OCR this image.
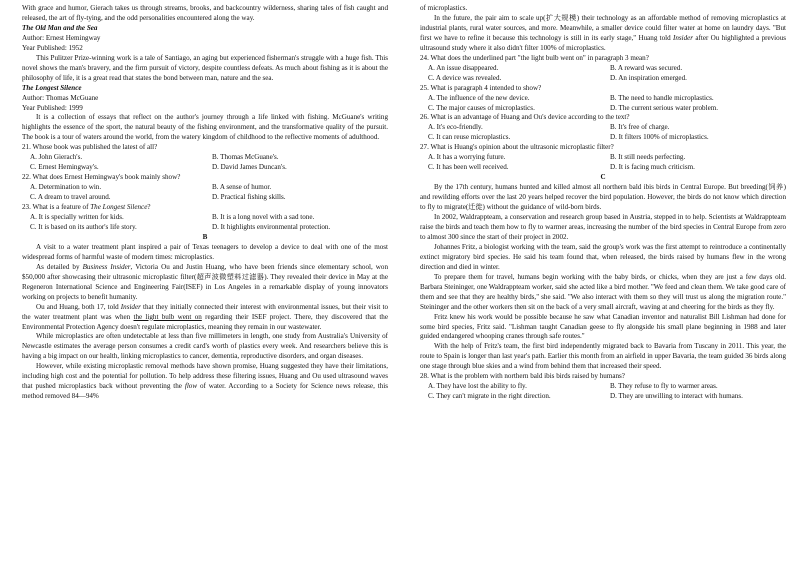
With grace and humor, Gierach takes us through streams, brooks, and backcountry wilderness, sharing tales of fish caught and released, the art of fly-tying, and the odd personalities encountered along the way.

The Old Man and the Sea

Author: Ernest Hemingway

Year Published: 1952

This Pulitzer Prize-winning work is a tale of Santiago, an aging but experienced fisherman's struggle with a huge fish. This novel shows the man's bravery, and the firm pursuit of victory, despite countless defeats. As much about fishing as it is about the philosophy of life, it is a great read that states the bond between man, nature and the sea.

The Longest Silence

Author: Thomas McGuane

Year Published: 1999

It is a collection of essays that reflect on the author's journey through a life linked with fishing. McGuane's writing highlights the essence of the sport, the natural beauty of the fishing environment, and the transformative quality of the pursuit. The book is a tour of waters around the world, from the watery kingdom of childhood to the reflective moments of adulthood.

21. Whose book was published the latest of all?

A. John Gierach's.	B. Thomas McGuane's.
C. Ernest Hemingway's.	D. David James Duncan's.

22. What does Ernest Hemingway's book mainly show?

A. Determination to win.	B. A sense of humor.
C. A dream to travel around.	D. Practical fishing skills.

23. What is a feature of The Longest Silence?

A. It is specially written for kids.	B. It is a long novel with a sad tone.
C. It is based on its author's life story.	D. It highlights environmental protection.

B

A visit to a water treatment plant inspired a pair of Texas teenagers to develop a device to deal with one of the most widespread forms of harmful waste of modern times: microplastics.

As detailed by Business Insider, Victoria Ou and Justin Huang, who have been friends since elementary school, won $50,000 after showcasing their ultrasonic microplastic filter(超声波微塑料过滤器). They revealed their device in May at the Regeneron International Science and Engineering Fair(ISEF) in Los Angeles in a remarkable display of young innovators working on projects to benefit humanity.

Ou and Huang, both 17, told Insider that they initially connected their interest with environmental issues, but their visit to the water treatment plant was when the light bulb went on regarding their ISEF project. There, they discovered that the Environmental Protection Agency doesn't regulate microplastics, meaning they remain in our wastewater.

While microplastics are often undetectable at less than five millimeters in length, one study from Australia's University of Newcastle estimates the average person consumes a credit card's worth of plastics every week. And researchers believe this is having a big impact on our health, linking microplastics to cancer, dementia, reproductive disorders, and organ diseases.

However, while existing microplastic removal methods have shown promise, Huang suggested they have their limitations, including high cost and the potential for pollution. To help address these filtering issues, Huang and Ou used ultrasound waves that pushed microplastics back without preventing the flow of water. According to a Society for Science news release, this method removed 84—94%

of microplastics.

In the future, the pair aim to scale up(扩大规模) their technology as an affordable method of removing microplastics at industrial plants, rural water sources, and more. Meanwhile, a smaller device could filter water at home on laundry days. "But first we have to refine it because this technology is still in its early stage," Huang told Insider after Ou highlighted a previous ultrasound study where it also didn't filter 100% of microplastics.

24. What does the underlined part "the light bulb went on" in paragraph 3 mean?

A. An issue disappeared.	B. A reward was secured.
C. A device was revealed.	D. An inspiration emerged.

25. What is paragraph 4 intended to show?

A. The influence of the new device.	B. The need to handle microplastics.
C. The major causes of microplastics.	D. The current serious water problem.

26. What is an advantage of Huang and Ou's device according to the text?

A. It's eco-friendly.	B. It's free of charge.
C. It can reuse microplastics.	D. It filters 100% of microplastics.

27. What is Huang's opinion about the ultrasonic microplastic filter?

A. It has a worrying future.	B. It still needs perfecting.
C. It has been well received.	D. It is facing much criticism.

C

By the 17th century, humans hunted and killed almost all northern bald ibis birds in Central Europe. But breeding(饲养) and rewilding efforts over the last 20 years helped recover the bird population. However, the birds do not know which direction to fly to migrate(迁徙) without the guidance of wild-born birds.

In 2002, Waldrappteam, a conservation and research group based in Austria, stepped in to help. Scientists at Waldrappteam raise the birds and teach them how to fly to warmer areas, increasing the number of the bird species in Central Europe from zero to almost 300 since the start of their project in 2002.

Johannes Fritz, a biologist working with the team, said the group's work was the first attempt to reintroduce a continentally extinct migratory bird species. He said his team found that, when released, the birds raised by humans flew in the wrong direction and died in winter.

To prepare them for travel, humans begin working with the baby birds, or chicks, when they are just a few days old. Barbara Steininger, one Waldrappteam worker, said she acted like a bird mother. "We feed and clean them. We take good care of them and see that they are healthy birds," she said. "We also interact with them so they will trust us along the migration route." Steininger and the other workers then sit on the back of a very small aircraft, waving at and cheering for the birds as they fly.

Fritz knew his work would be possible because he saw what Canadian inventor and naturalist Bill Lishman had done for some bird species, Fritz said. "Lishman taught Canadian geese to fly alongside his small plane beginning in 1988 and later guided endangered whooping cranes through safe routes."

With the help of Fritz's team, the first bird independently migrated back to Bavaria from Tuscany in 2011. This year, the route to Spain is longer than last year's path. Earlier this month from an airfield in upper Bavaria, the team guided 36 birds along one stage through blue skies and a wind from behind them that increased their speed.

28. What is the problem with northern bald ibis birds raised by humans?

A. They have lost the ability to fly.	B. They refuse to fly to warmer areas.
C. They can't migrate in the right direction.	D. They are unwilling to interact with humans.
